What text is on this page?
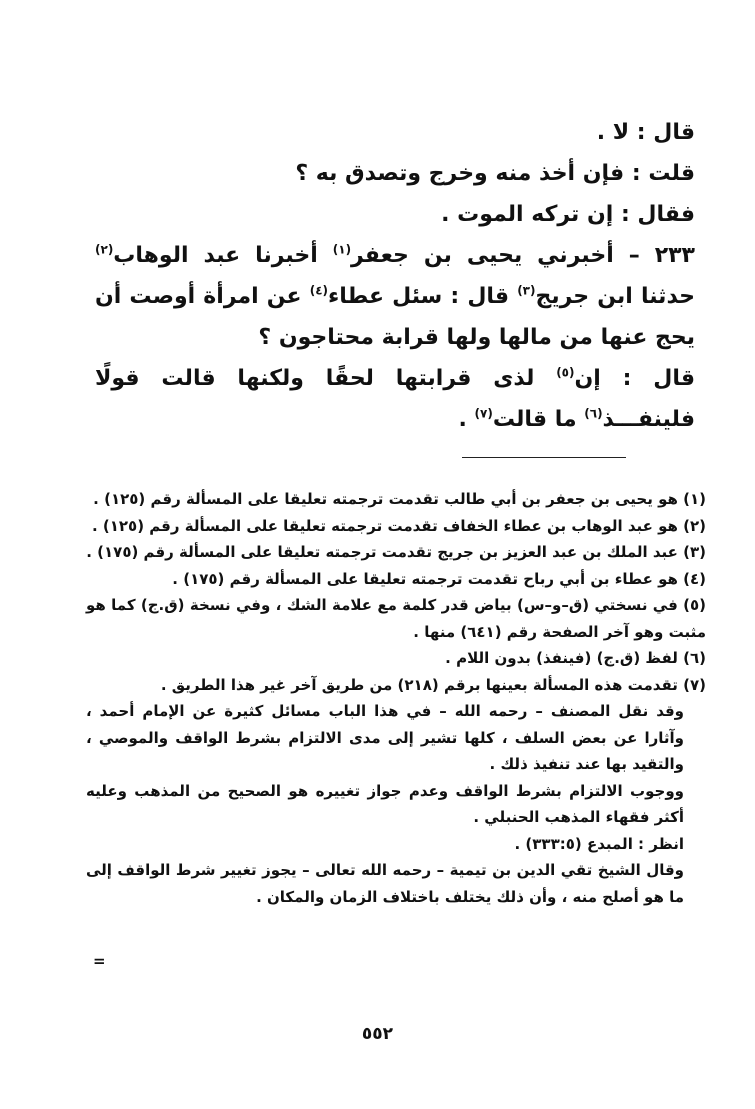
قال : لا .

قلت : فإن أخذ منه وخرج وتصدق به ؟

فقال : إن تركه الموت .

٢٣٣ – أخبرني يحيى بن جعفر$^{(١)}$ أخبرنا عبد الوهاب$^{(٢)}$ حدثنا ابن جريج$^{(٣)}$ قال : سئل عطاء$^{(٤)}$ عن امرأة أوصت أن يحج عنها من مالها ولها قرابة محتاجون ؟

قال : إن$^{(٥)}$ لذى قرابتها لحقًا ولكنها قالت قولًا فلينفـــذ$^{(٦)}$ ما قالت$^{(٧)}$ .

(١) هو يحيى بن جعفر بن أبي طالب تقدمت ترجمته تعليقا على المسألة رقم (١٢٥) .

(٢) هو عبد الوهاب بن عطاء الخفاف تقدمت ترجمته تعليقا على المسألة رقم (١٢٥) .

(٣) عبد الملك بن عبد العزيز بن جريج تقدمت ترجمته تعليقا على المسألة رقم (١٧٥) .

(٤) هو عطاء بن أبي رباح تقدمت ترجمته تعليقا على المسألة رقم (١٧٥) .

(٥) في نسختي (ق–و–س) بياض قدر كلمة مع علامة الشك ، وفي نسخة (ق.ج) كما هو مثبت وهو آخر الصفحة رقم (٦٤١) منها .

(٦) لفظ (ق.ج) (فينفذ) بدون اللام .

(٧) تقدمت هذه المسألة بعينها برقم (٢١٨) من طريق آخر غير هذا الطريق .

وقد نقل المصنف – رحمه الله – في هذا الباب مسائل كثيرة عن الإمام أحمد ، وآثارا عن بعض السلف ، كلها تشير إلى مدى الالتزام بشرط الواقف والموصي ، والتقيد بها عند تنفيذ ذلك .

ووجوب الالتزام بشرط الواقف وعدم جواز تغييره هو الصحيح من المذهب وعليه أكثر فقهاء المذهب الحنبلي .

انظر : المبدع (٣٣٣:٥) .

وقال الشيخ تقي الدين بن تيمية – رحمه الله تعالى – يجوز تغيير شرط الواقف إلى ما هو أصلح منه ، وأن ذلك يختلف باختلاف الزمان والمكان .

=
٥٥٢
